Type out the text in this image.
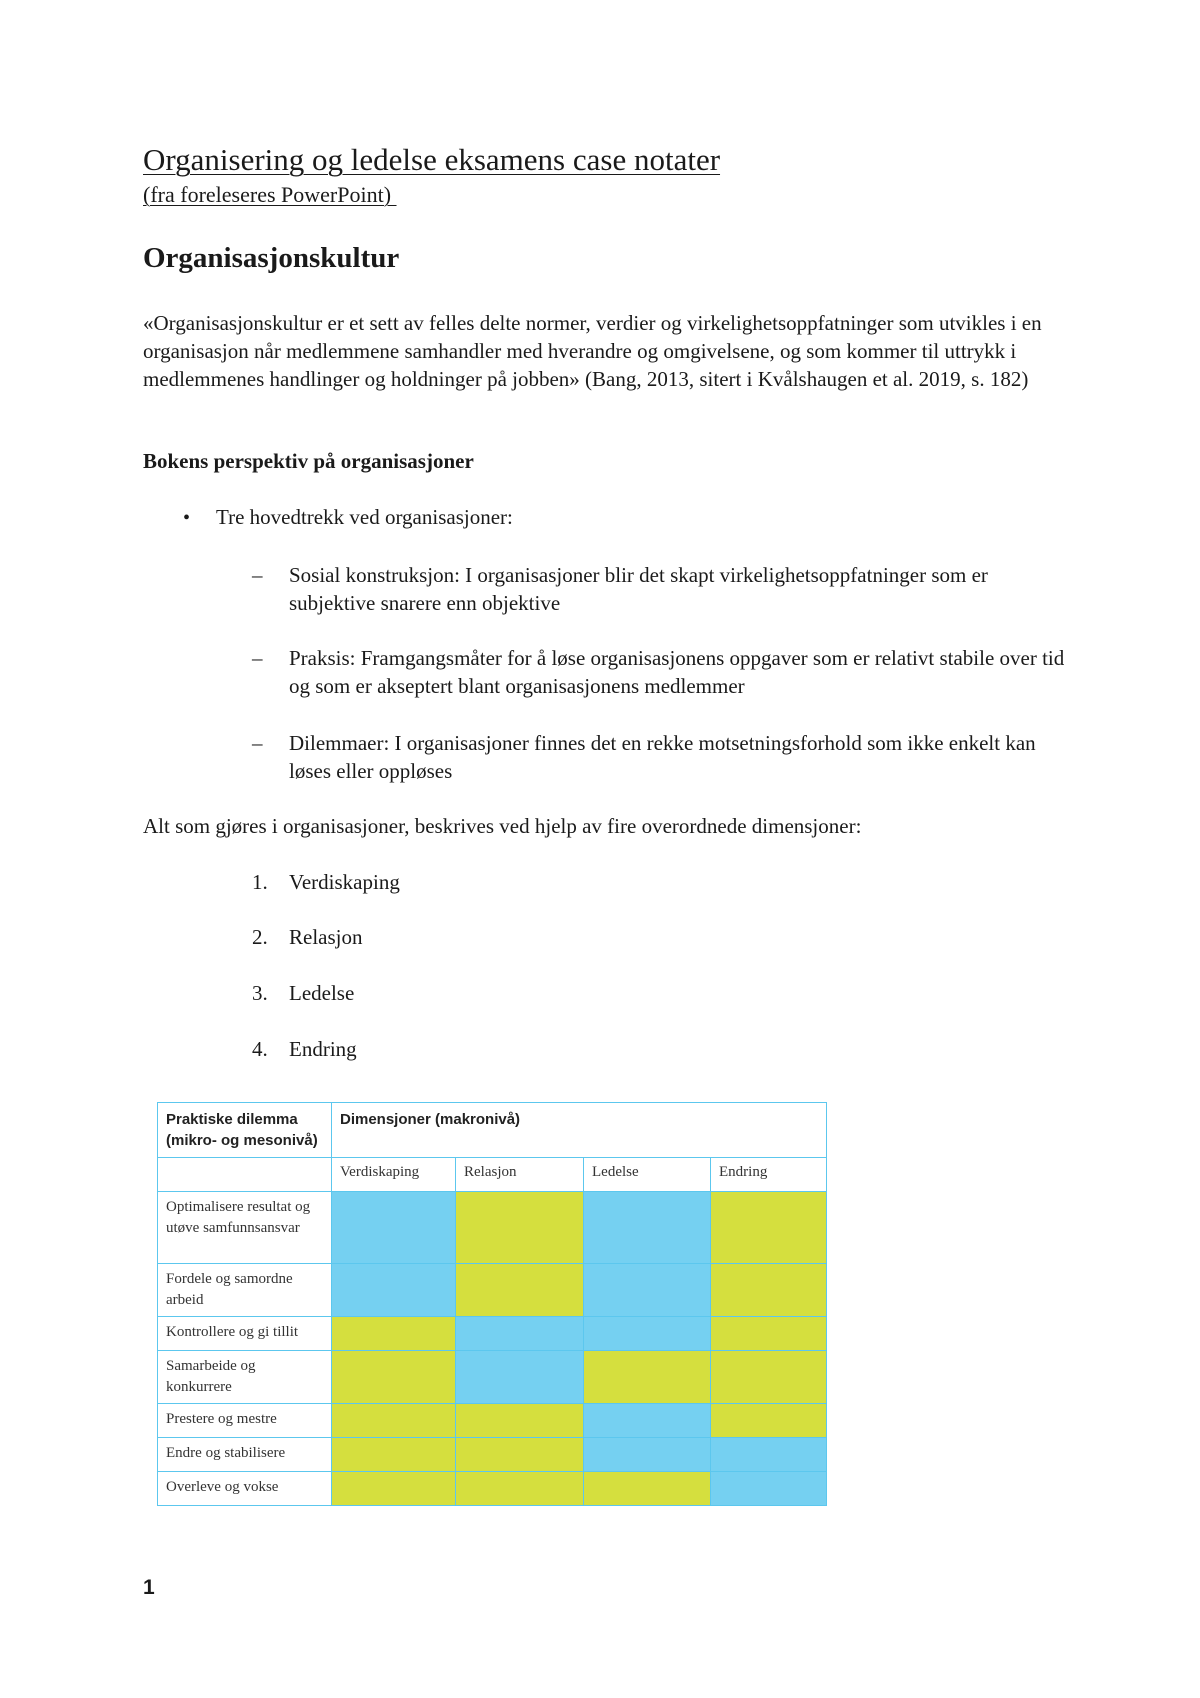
Organisering og ledelse eksamens case notater
(fra foreleseres PowerPoint)
Organisasjonskultur

«Organisasjonskultur er et sett av felles delte normer, verdier og virkelighetsoppfatninger som utvikles i en organisasjon når medlemmene samhandler med hverandre og omgivelsene, og som kommer til uttrykk i medlemmenes handlinger og holdninger på jobben» (Bang, 2013, sitert i Kvålshaugen et al. 2019, s. 182)

Bokens perspektiv på organisasjoner
• Tre hovedtrekk ved organisasjoner:
– Sosial konstruksjon: I organisasjoner blir det skapt virkelighetsoppfatninger som er subjektive snarere enn objektive
– Praksis: Framgangsmåter for å løse organisasjonens oppgaver som er relativt stabile over tid og som er akseptert blant organisasjonens medlemmer
– Dilemmaer: I organisasjoner finnes det en rekke motsetningsforhold som ikke enkelt kan løses eller oppløses

Alt som gjøres i organisasjoner, beskrives ved hjelp av fire overordnede dimensjoner:

1. Verdiskaping
2. Relasjon
3. Ledelse
4. Endring
Praktiske dilemma (mikro- og mesonivå)	Dimensjoner (makronivå)			
	Verdiskaping	Relasjon	Ledelse	Endring
Optimalisere resultat og utøve samfunnsansvar				
Fordele og samordne arbeid				
Kontrollere og gi tillit				
Samarbeide og konkurrere				
Prestere og mestre				
Endre og stabilisere				
Overleve og vokse				
1
